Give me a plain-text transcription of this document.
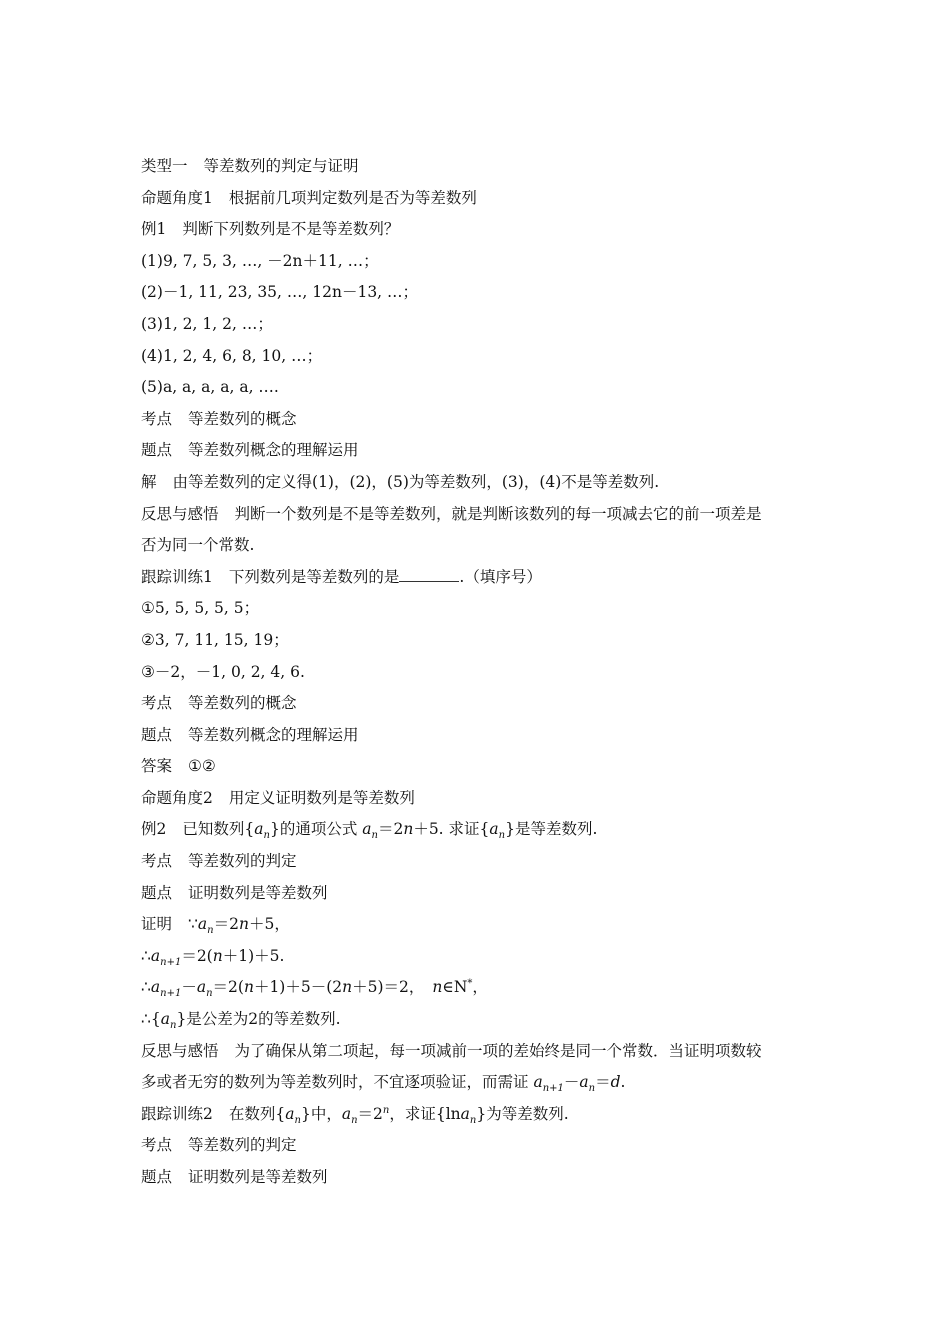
类型一 等差数列的判定与证明
命题角度1 根据前几项判定数列是否为等差数列
例1 判断下列数列是不是等差数列？
(1)9, 7, 5, 3, …, －2n＋11, …；
(2)－1, 11, 23, 35, …, 12n－13, …；
(3)1, 2, 1, 2, …；
(4)1, 2, 4, 6, 8, 10, …；
(5)a, a, a, a, a, ….
考点 等差数列的概念
题点 等差数列概念的理解运用
解 由等差数列的定义得(1)，(2)，(5)为等差数列，(3)，(4)不是等差数列.
反思与感悟 判断一个数列是不是等差数列，就是判断该数列的每一项减去它的前一项差是
否为同一个常数.
跟踪训练1 下列数列是等差数列的是	.（填序号）
①5, 5, 5, 5, 5；
②3, 7, 11, 15, 19；
③－2，－1, 0, 2, 4, 6.
考点 等差数列的概念
题点 等差数列概念的理解运用
答案 ①②
命题角度2 用定义证明数列是等差数列
例2 已知数列$\{a_n\}$的通项公式 $a_n=2n+5$. 求证$\{a_n\}$是等差数列.
考点 等差数列的判定
题点 证明数列是等差数列
证明 $\because a_n=2n+5$，
$\therefore a_{n+1}=2(n+1)+5$.
$\therefore a_{n+1}-a_n=2(n+1)+5-(2n+5)=2$， n∈N*，
$\therefore\{a_n\}$是公差为2的等差数列.
反思与感悟 为了确保从第二项起，每一项减前一项的差始终是同一个常数．当证明项数较
多或者无穷的数列为等差数列时，不宜逐项验证，而需证 $a_{n+1}-a_n=d$.
跟踪训练2 在数列$\{a_n\}$中，$a_n=2^n$，求证{lna$_n$}为等差数列.
考点 等差数列的判定
题点 证明数列是等差数列
